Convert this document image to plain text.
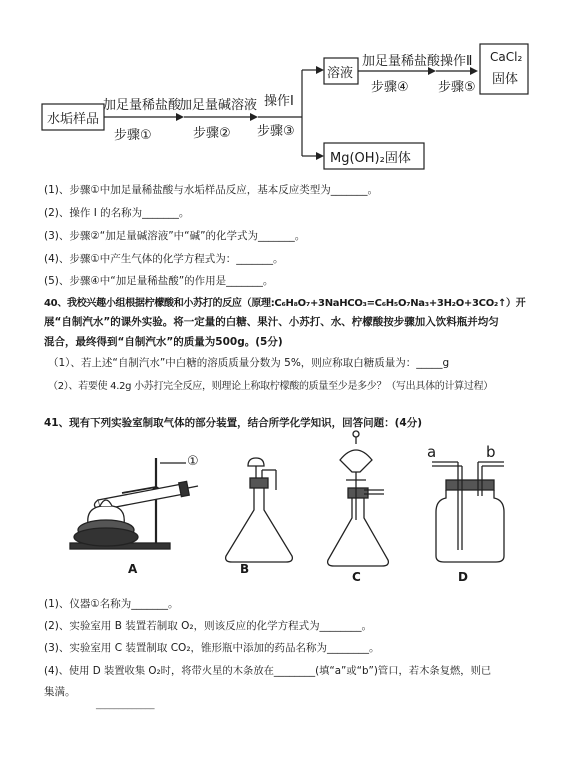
水垢样品
加足量稀盐酸
步骤①
加足量碱溶液
步骤②
操作Ⅰ
步骤③
溶液
加足量稀盐酸
步骤④
操作Ⅱ
步骤⑤
CaCl₂
固体
Mg(OH)₂固体
(1)、步骤①中加足量稀盐酸与水垢样品反应，基本反应类型为_______。
(2)、操作 I 的名称为_______。
(3)、步骤②“加足量碱溶液”中“碱”的化学式为_______。
(4)、步骤①中产生气体的化学方程式为：_______。
(5)、步骤④中“加足量稀盐酸”的作用是_______。
40、我校兴趣小组根据柠檬酸和小苏打的反应（原理:C₆H₈O₇+3NaHCO₃=C₆H₅O₇Na₃+3H₂O+3CO₂↑）开
展“自制汽水”的课外实验。将一定量的白糖、果汁、小苏打、水、柠檬酸按步骤加入饮料瓶并均匀
混合，最终得到“自制汽水”的质量为500g。(5分)
（1）、若上述“自制汽水”中白糖的溶质质量分数为 5%，则应称取白糖质量为：_____g
（2）、若要使 4.2g 小苏打完全反应，则理论上称取柠檬酸的质量至少是多少？（写出具体的计算过程）
41、现有下列实验室制取气体的部分装置，结合所学化学知识，回答问题：(4分)
①
a	b
A	B
C	D
(1)、仪器①名称为_______。
(2)、实验室用 B 装置若制取 O₂，则该反应的化学方程式为________。
(3)、实验室用 C 装置制取 CO₂，锥形瓶中添加的药品名称为________。
(4)、使用 D 装置收集 O₂时，将带火星的木条放在________(填“a”或“b”)管口，若木条复燃，则已
集满。
_____________
